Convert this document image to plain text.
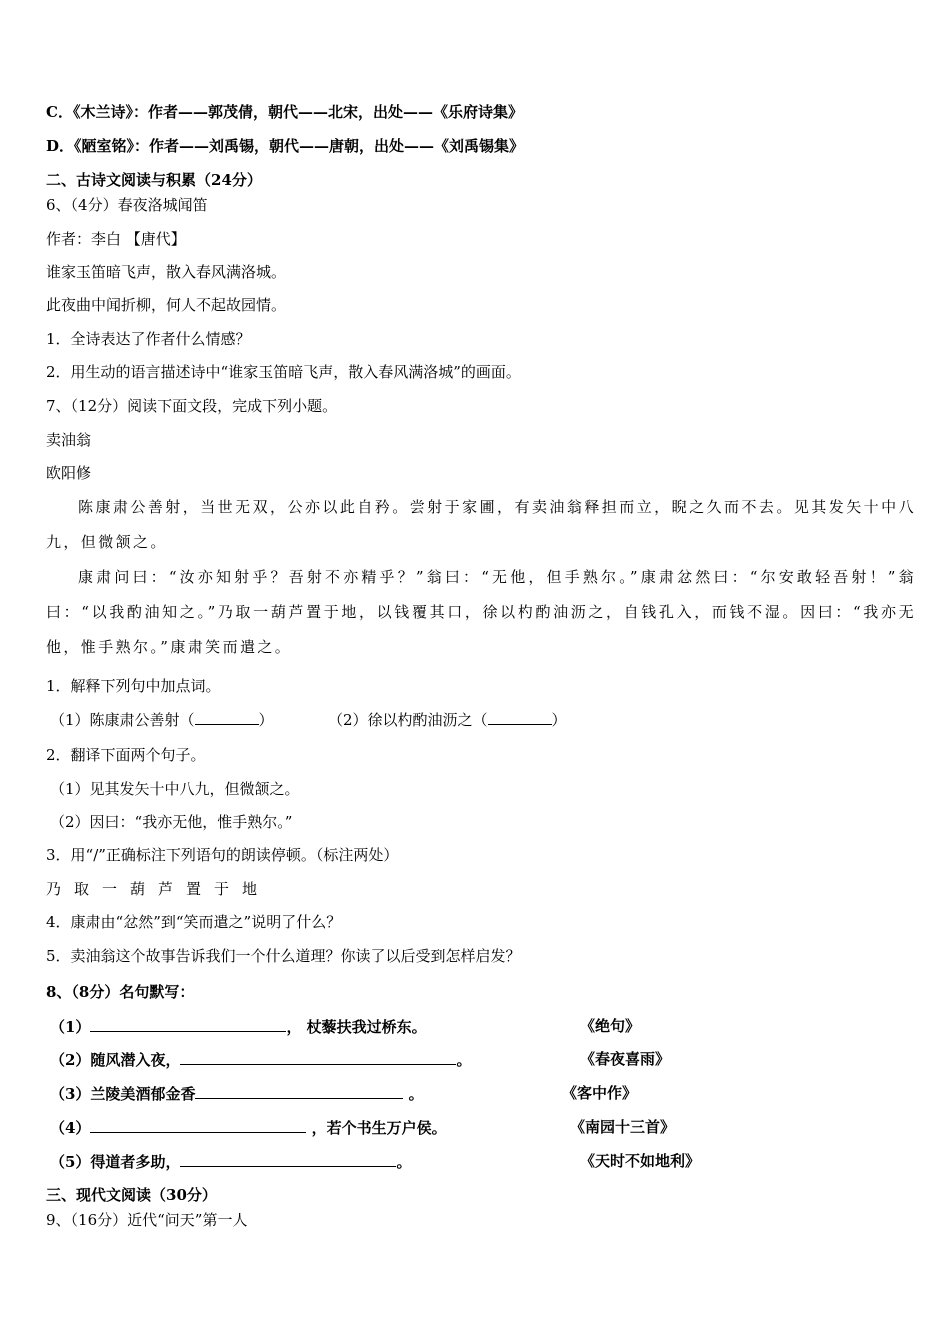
C．《木兰诗》：作者——郭茂倩，朝代——北宋，出处——《乐府诗集》
D．《陋室铭》：作者——刘禹锡，朝代——唐朝，出处——《刘禹锡集》
二、古诗文阅读与积累（24分）
6、（4分）春夜洛城闻笛
作者：李白 【唐代】
谁家玉笛暗飞声，散入春风满洛城。
此夜曲中闻折柳，何人不起故园情。
1．全诗表达了作者什么情感？
2．用生动的语言描述诗中“谁家玉笛暗飞声，散入春风满洛城”的画面。
7、（12分）阅读下面文段，完成下列小题。
卖油翁
欧阳修
陈康肃公善射，当世无双，公亦以此自矜。尝射于家圃，有卖油翁释担而立，睨之久而不去。见其发矢十中八九，但微颔之。
康肃问曰：“汝亦知射乎？吾射不亦精乎？”翁曰：“无他，但手熟尔。”康肃忿然曰：“尔安敢轻吾射！”翁曰：“以我酌油知之。”乃取一葫芦置于地，以钱覆其口，徐以杓酌油沥之，自钱孔入，而钱不湿。因曰：“我亦无他，惟手熟尔。”康肃笑而遣之。
1．解释下列句中加点词。
（1）陈康肃公善射（	）	（2）徐以杓酌油沥之（	）
2．翻译下面两个句子。
（1）见其发矢十中八九，但微颔之。
（2）因曰：“我亦无他，惟手熟尔。”
3．用“/”正确标注下列语句的朗读停顿。（标注两处）
乃取一葫芦置于地
4．康肃由“忿然”到“笑而遣之”说明了什么？
5．卖油翁这个故事告诉我们一个什么道理？你读了以后受到怎样启发？
8、（8分）名句默写：
（1）	， 杖藜扶我过桥东。	《绝句》
（2）随风潜入夜，	。	《春夜喜雨》
（3）兰陵美酒郁金香	。	《客中作》
（4）	，若个书生万户侯。	《南园十三首》
（5）得道者多助，	。	《天时不如地利》
三、现代文阅读（30分）
9、（16分）近代“问天”第一人
